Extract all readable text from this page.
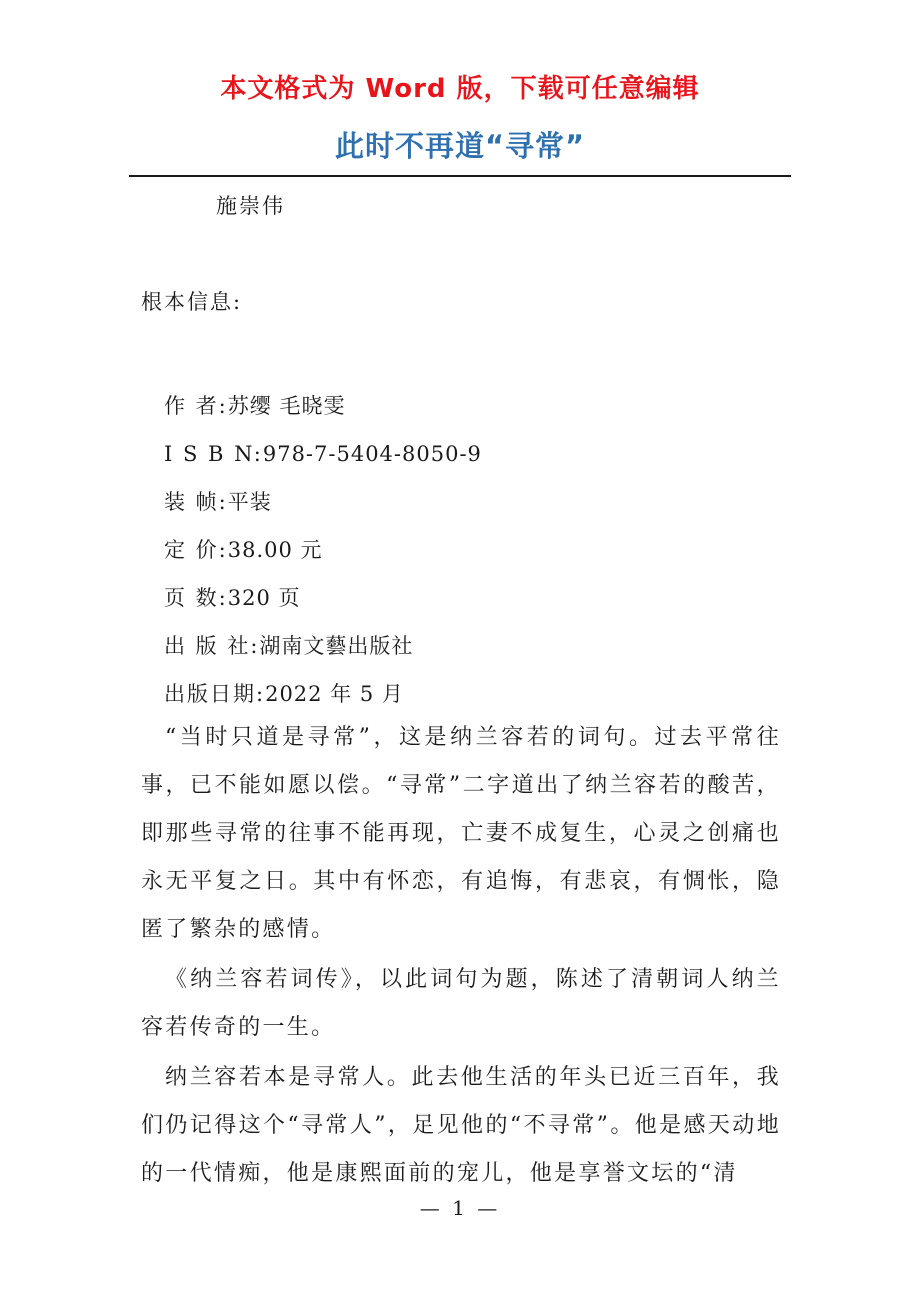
本文格式为 Word 版，下载可任意编辑
此时不再道“寻常”
施崇伟
根本信息:
作 者:苏缨 毛晓雯
I S B N:978-7-5404-8050-9
装 帧:平装
定 价:38.00 元
页 数:320 页
出 版 社:湖南文藝出版社
出版日期:2022 年 5 月

“当时只道是寻常”，这是纳兰容若的词句。过去平常往事，已不能如愿以偿。“寻常”二字道出了纳兰容若的酸苦，即那些寻常的往事不能再现，亡妻不成复生，心灵之创痛也永无平复之日。其中有怀恋，有追悔，有悲哀，有惆怅，隐匿了繁杂的感情。

《纳兰容若词传》，以此词句为题，陈述了清朝词人纳兰容若传奇的一生。

纳兰容若本是寻常人。此去他生活的年头已近三百年，我们仍记得这个“寻常人”，足见他的“不寻常”。他是感天动地的一代情痴，他是康熙面前的宠儿，他是享誉文坛的“清

— 1 —
